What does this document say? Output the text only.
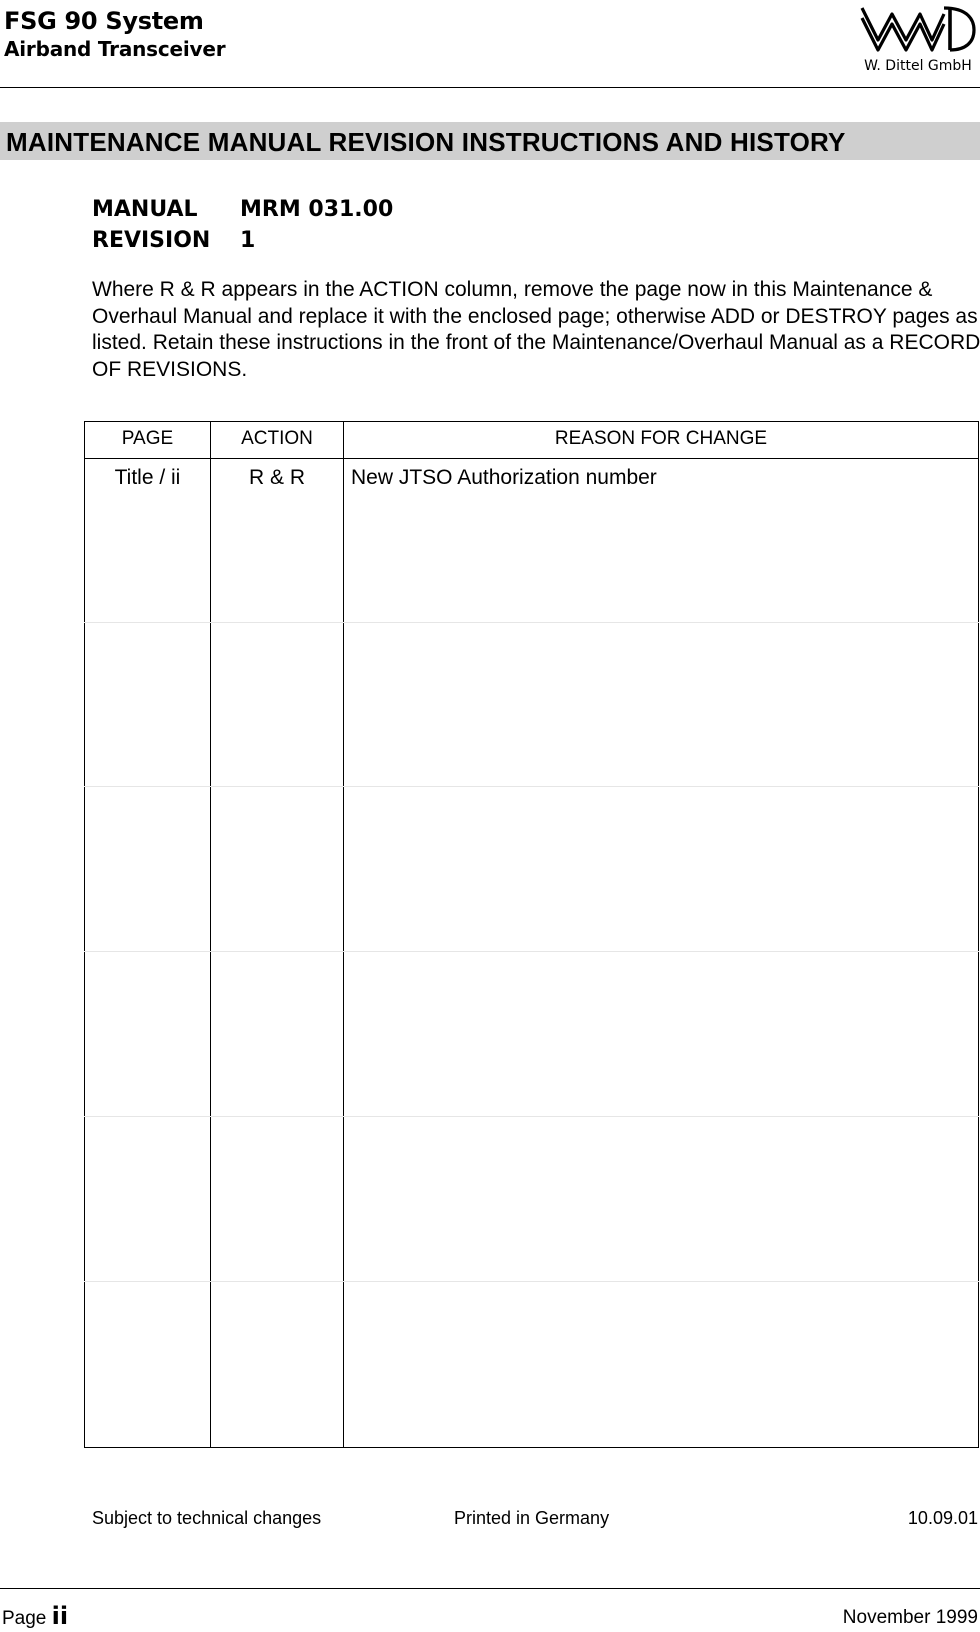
FSG 90 System
Airband Transceiver
W. Dittel GmbH
MAINTENANCE MANUAL REVISION INSTRUCTIONS AND HISTORY
MANUAL MRM 031.00
REVISION 1
Where R & R appears in the ACTION column, remove the page now in this Maintenance & Overhaul Manual and replace it with the enclosed page; otherwise ADD or DESTROY pages as listed. Retain these instructions in the front of the Maintenance/Overhaul Manual as a RECORD OF REVISIONS.
PAGE	ACTION	REASON FOR CHANGE
Title / ii	R & R	New JTSO Authorization number
Subject to technical changes	Printed in Germany	10.09.01
Page ii	November 1999
